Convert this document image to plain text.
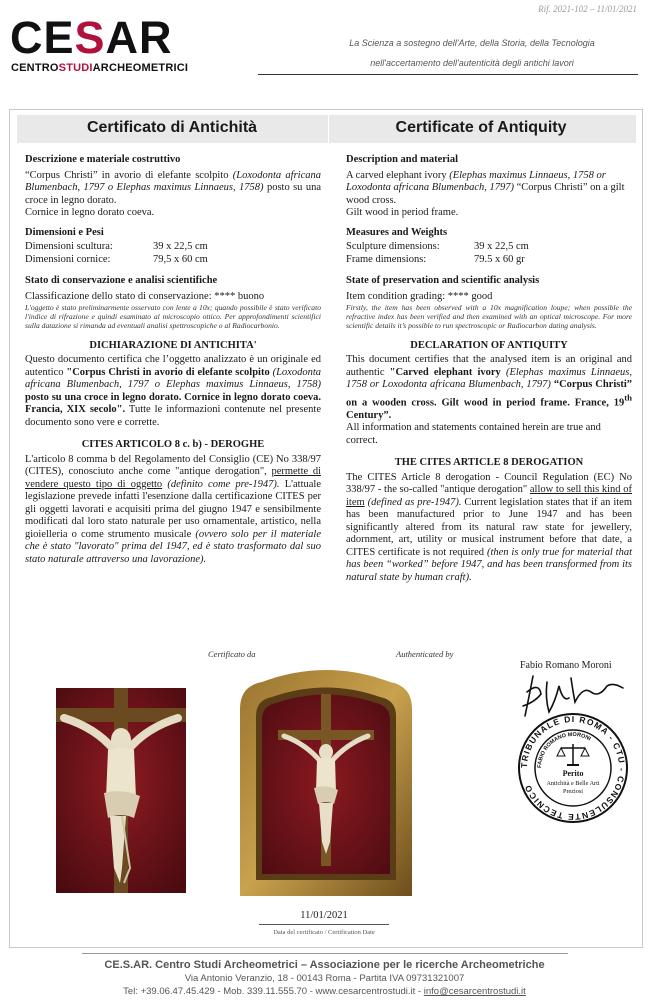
Rif. 2021-102 – 11/01/2021
CESAR
CENTROSTUDIARCHEOMETRICI
La Scienza a sostegno dell'Arte, della Storia, della Tecnologia
nell'accertamento dell'autenticità degli antichi lavori
Certificato di Antichità	Certificate of Antiquity

Descrizione e materiale costruttivo

“Corpus Christi” in avorio di elefante scolpito (Loxodonta africana Blumenbach, 1797 o Elephas maximus Linnaeus, 1758) posto su una croce in legno dorato.

Cornice in legno dorato coeva.

Dimensioni e Pesi

Dimensioni scultura:	39 x 22,5 cm
Dimensioni cornice:	79,5 x 60 cm

Stato di conservazione e analisi scientifiche

Classificazione dello stato di conservazione: **** buono

L'oggetto è stato preliminarmente osservato con lente a 10x; quando possibile è stato verificato l'indice di rifrazione e quindi esaminato al microscopio ottico. Per approfondimenti scientifici sulla datazione si rimanda ad eventuali analisi spettroscopiche o al Radiocarbonio.

DICHIARAZIONE DI ANTICHITA'

Questo documento certifica che l’oggetto analizzato è un originale ed autentico "Corpus Christi in avorio di elefante scolpito (Loxodonta africana Blumenbach, 1797 o Elephas maximus Linnaeus, 1758) posto su una croce in legno dorato. Cornice in legno dorato coeva. Francia, XIX secolo". Tutte le informazioni contenute nel presente documento sono vere e corrette.

CITES ARTICOLO 8 c. b) - DEROGHE

L'articolo 8 comma b del Regolamento del Consiglio (CE) No 338/97 (CITES), conosciuto anche come "antique derogation", permette di vendere questo tipo di oggetto (definito come pre-1947). L'attuale legislazione prevede infatti l'esenzione dalla certificazione CITES per gli oggetti lavorati e acquisiti prima del giugno 1947 e sensibilmente modificati dal loro stato naturale per uso ornamentale, artistico, nella gioielleria o come strumento musicale (ovvero solo per il materiale che è stato "lavorato" prima del 1947, ed è stato trasformato dal suo stato naturale attraverso una lavorazione).

Description and material

A carved elephant ivory (Elephas maximus Linnaeus, 1758 or Loxodonta africana Blumenbach, 1797) “Corpus Christi” on a gilt wood cross.

Gilt wood in period frame.

Measures and Weights

Sculpture dimensions:	39 x 22,5 cm
Frame dimensions:	79.5 x 60 gr

State of preservation and scientific analysis

Item condition grading: **** good

Firstly, the item has been observed with a 10x magnification loupe; when possible the refractive index has been verified and then examined with an optical microscope. For more scientific details it’s possible to run spectroscopic or Radiocarbon dating analysis.

DECLARATION OF ANTIQUITY

This document certifies that the analysed item is an original and authentic "Carved elephant ivory (Elephas maximus Linnaeus, 1758 or Loxodonta africana Blumenbach, 1797) “Corpus Christi” on a wooden cross. Gilt wood in period frame. France, 19th Century”.

All information and statements contained herein are true and correct.

THE CITES ARTICLE 8 DEROGATION

The CITES Article 8 derogation - Council Regulation (EC) No 338/97 - the so-called "antique derogation" allow to sell this kind of item (defined as pre-1947). Current legislation states that if an item has been manufactured prior to June 1947 and has been significantly altered from its natural raw state for jewellery, adornment, art, utility or musical instrument before that date, a CITES certificate is not required (then is only true for material that has been “worked” before 1947, and has been transformed from its natural state by human craft).

Certificato da	Authenticated by
Fabio Romano Moroni
TRIBUNALE DI ROMA - CTU - CONSULENTE TECNICO
FABIO ROMANO MORONI
Perito
Antichità e Belle Arti
Preziosi
11/01/2021
Data del certificato / Certification Date
CE.S.AR. Centro Studi Archeometrici – Associazione per le ricerche Archeometriche
Via Antonio Veranzio, 18 - 00143 Roma - Partita IVA 09731321007
Tel: +39.06.47.45.429 - Mob. 339.11.555.70 - www.cesarcentrostudi.it - info@cesarcentrostudi.it
